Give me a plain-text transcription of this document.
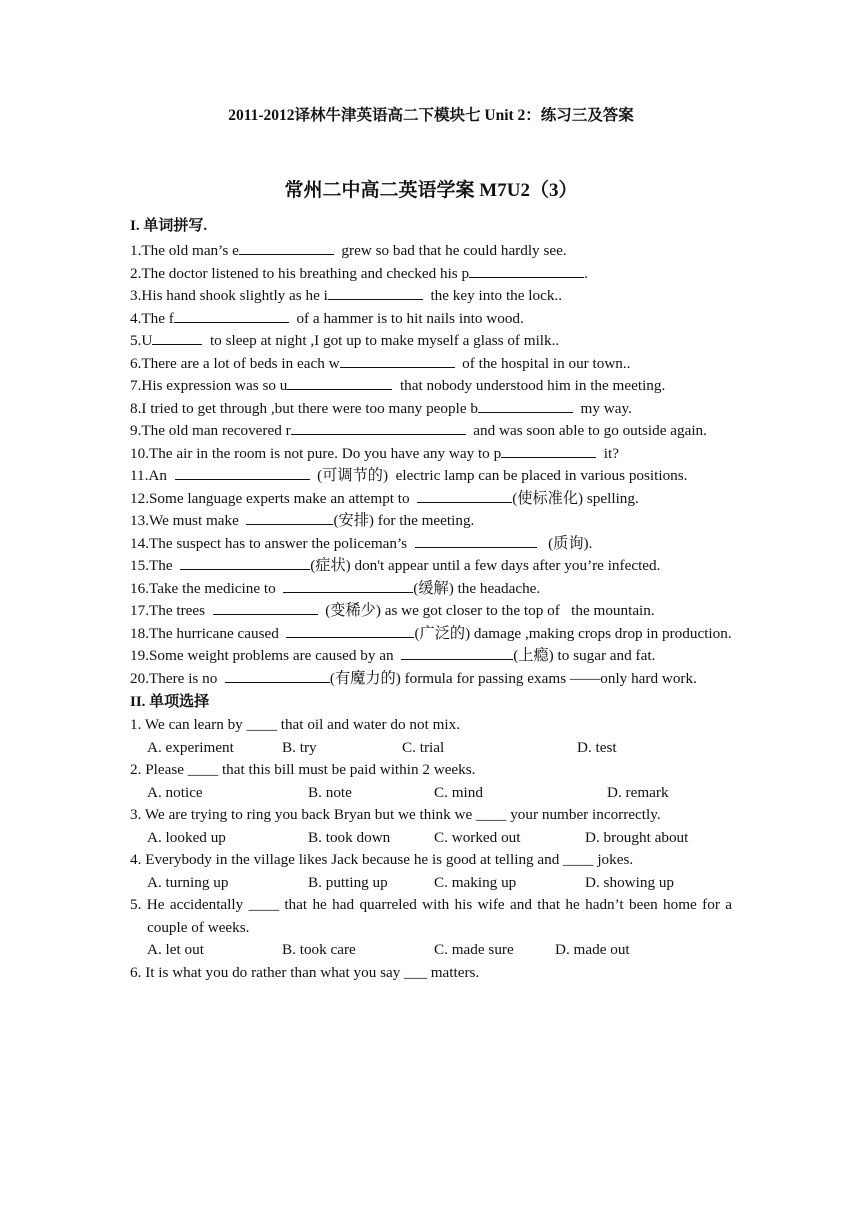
2011-2012译林牛津英语高二下模块七 Unit 2：练习三及答案
常州二中高二英语学案 M7U2（3）
I. 单词拼写.
1.The old man’s e	grew so bad that he could hardly see.
2.The doctor listened to his breathing and checked his p	.
3.His hand shook slightly as he i	the key into the lock..
4.The f	of a hammer is to hit nails into wood.
5.U	to sleep at night ,I got up to make myself a glass of milk..
6.There are a lot of beds in each w	of the hospital in our town..
7.His expression was so u	that nobody understood him in the meeting.
8.I tried to get through ,but there were too many people b	my way.
9.The old man recovered r	and was soon able to go outside again.
10.The air in the room is not pure. Do you have any way to p	it?
11.An	(可调节的)  electric lamp can be placed in various positions.
12.Some language experts make an attempt to	(使标准化) spelling.
13.We must make	(安排) for the meeting.
14.The suspect has to answer the policeman’s	(质询).
15.The	(症状) don't appear until a few days after you’re infected.
16.Take the medicine to	(缓解) the headache.
17.The trees	(变稀少) as we got closer to the top of   the mountain.
18.The hurricane caused	(广泛的) damage ,making crops drop in production.
19.Some weight problems are caused by an	(上瘾) to sugar and fat.
20.There is no	(有魔力的) formula for passing exams ——only hard work.
II. 单项选择
1. We can learn by ____ that oil and water do not mix.
A. experiment	B. try	C. trial	D. test
2. Please ____ that this bill must be paid within 2 weeks.
A. notice	B. note	C. mind	D. remark
3. We are trying to ring you back Bryan but we think we ____ your number incorrectly.
A. looked up	B. took down	C. worked out	D. brought about
4. Everybody in the village likes Jack because he is good at telling and ____ jokes.
A. turning up	B. putting up	C. making up	D. showing up
5. He accidentally ____ that he had quarreled with his wife and that he hadn’t been home for a couple of weeks.
A. let out	B. took care	C. made sure	D. made out
6. It is what you do rather than what you say ___ matters.
